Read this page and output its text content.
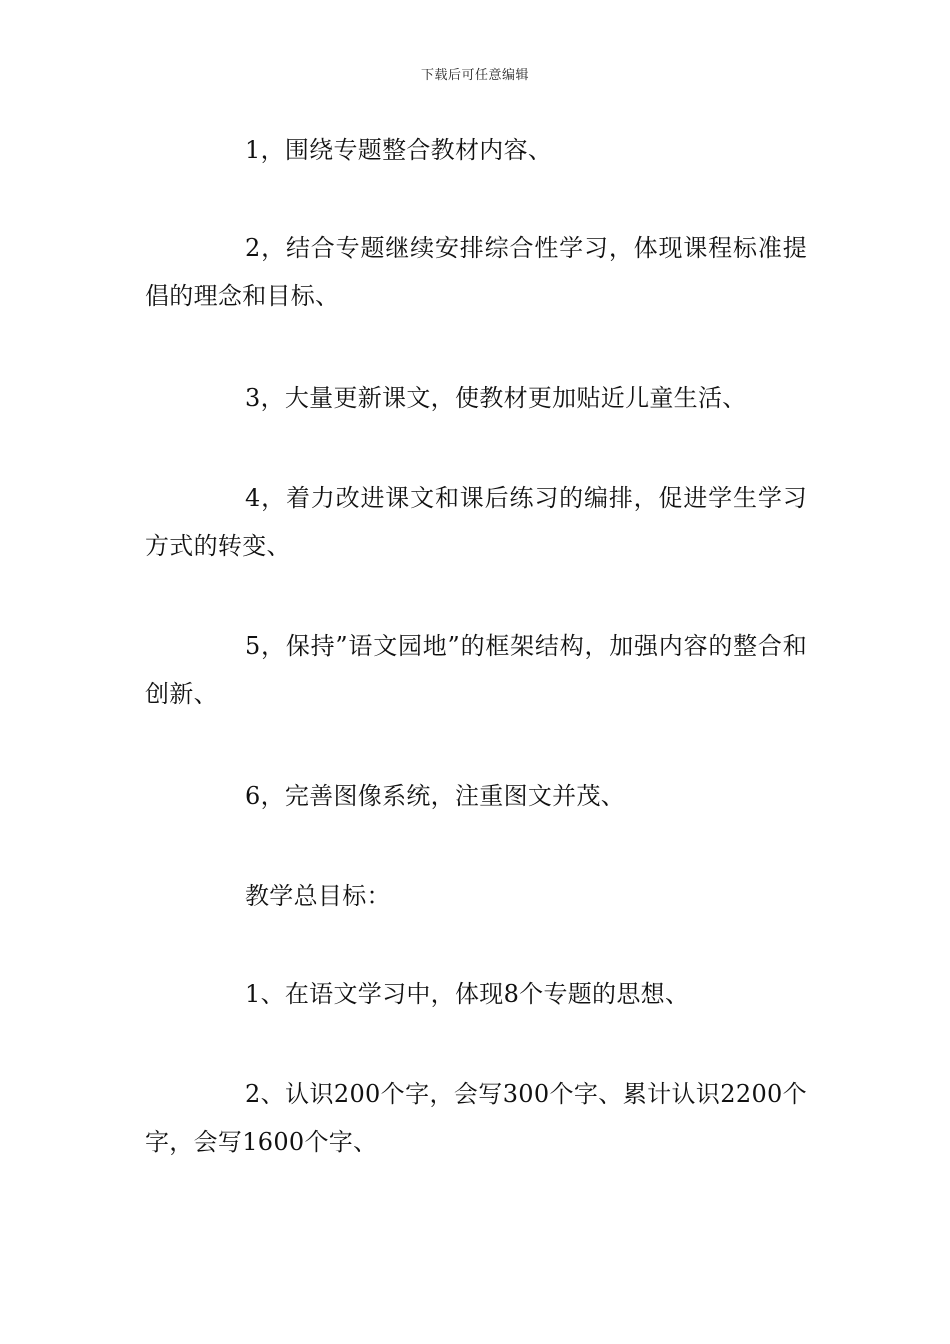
下载后可任意编辑

1，围绕专题整合教材内容、

2，结合专题继续安排综合性学习，体现课程标准提倡的理念和目标、

3，大量更新课文，使教材更加贴近儿童生活、

4，着力改进课文和课后练习的编排，促进学生学习方式的转变、

5，保持”语文园地”的框架结构，加强内容的整合和创新、

6，完善图像系统，注重图文并茂、

教学总目标：

1、在语文学习中，体现8个专题的思想、

2、认识200个字，会写300个字、累计认识2200个字，会写1600个字、
